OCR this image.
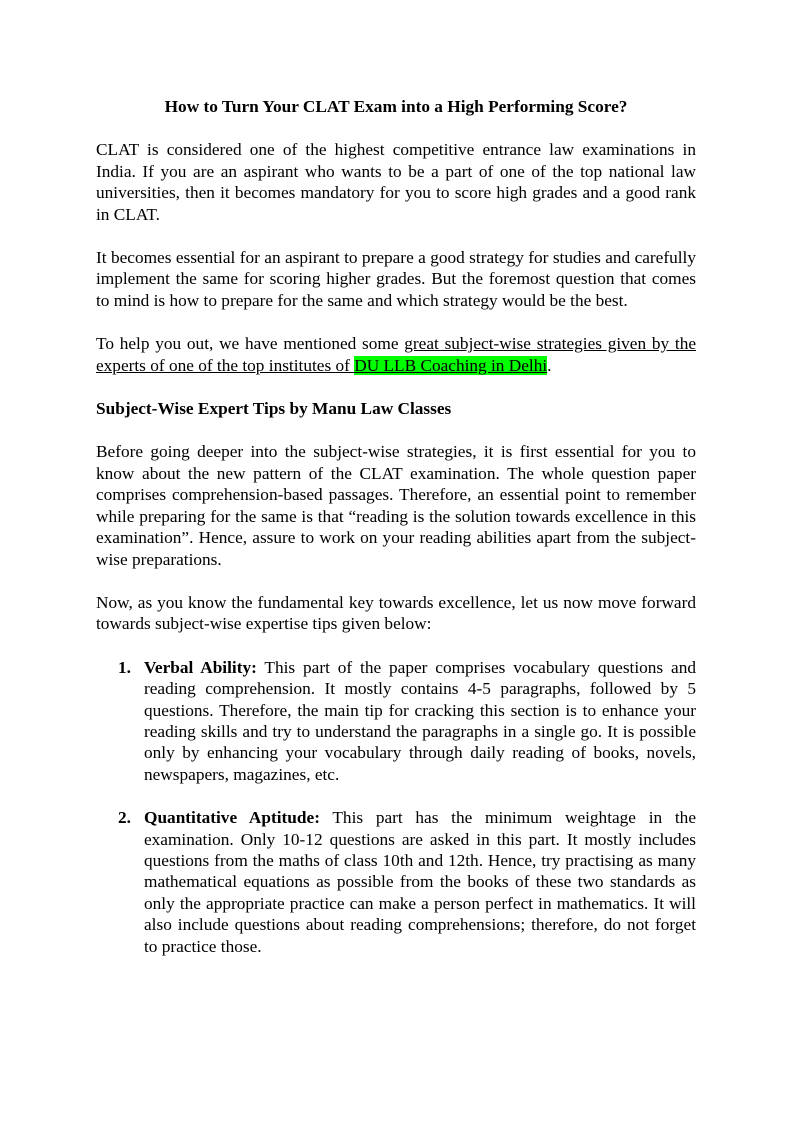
How to Turn Your CLAT Exam into a High Performing Score?

CLAT is considered one of the highest competitive entrance law examinations in India. If you are an aspirant who wants to be a part of one of the top national law universities, then it becomes mandatory for you to score high grades and a good rank in CLAT.

It becomes essential for an aspirant to prepare a good strategy for studies and carefully implement the same for scoring higher grades. But the foremost question that comes to mind is how to prepare for the same and which strategy would be the best.

To help you out, we have mentioned some great subject-wise strategies given by the experts of one of the top institutes of DU LLB Coaching in Delhi.

Subject-Wise Expert Tips by Manu Law Classes

Before going deeper into the subject-wise strategies, it is first essential for you to know about the new pattern of the CLAT examination. The whole question paper comprises comprehension-based passages. Therefore, an essential point to remember while preparing for the same is that “reading is the solution towards excellence in this examination”. Hence, assure to work on your reading abilities apart from the subject-wise preparations.

Now, as you know the fundamental key towards excellence, let us now move forward towards subject-wise expertise tips given below:

1. Verbal Ability: This part of the paper comprises vocabulary questions and reading comprehension. It mostly contains 4-5 paragraphs, followed by 5 questions. Therefore, the main tip for cracking this section is to enhance your reading skills and try to understand the paragraphs in a single go. It is possible only by enhancing your vocabulary through daily reading of books, novels, newspapers, magazines, etc.
2. Quantitative Aptitude: This part has the minimum weightage in the examination. Only 10-12 questions are asked in this part. It mostly includes questions from the maths of class 10th and 12th. Hence, try practising as many mathematical equations as possible from the books of these two standards as only the appropriate practice can make a person perfect in mathematics. It will also include questions about reading comprehensions; therefore, do not forget to practice those.
